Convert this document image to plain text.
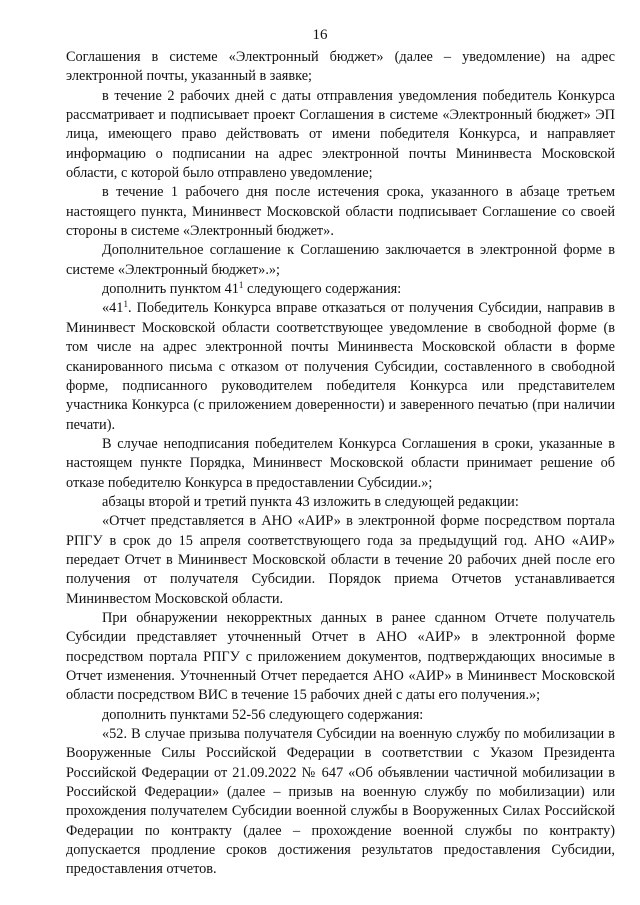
16

Соглашения в системе «Электронный бюджет» (далее – уведомление) на адрес электронной почты, указанный в заявке;

в течение 2 рабочих дней с даты отправления уведомления победитель Конкурса рассматривает и подписывает проект Соглашения в системе «Электронный бюджет» ЭП лица, имеющего право действовать от имени победителя Конкурса, и направляет информацию о подписании на адрес электронной почты Мининвеста Московской области, с которой было отправлено уведомление;

в течение 1 рабочего дня после истечения срока, указанного в абзаце третьем настоящего пункта, Мининвест Московской области подписывает Соглашение со своей стороны в системе «Электронный бюджет».

Дополнительное соглашение к Соглашению заключается в электронной форме в системе «Электронный бюджет».»;

дополнить пунктом $41^1$ следующего содержания:

«$41^1$. Победитель Конкурса вправе отказаться от получения Субсидии, направив в Мининвест Московской области соответствующее уведомление в свободной форме (в том числе на адрес электронной почты Мининвеста Московской области в форме сканированного письма с отказом от получения Субсидии, составленного в свободной форме, подписанного руководителем победителя Конкурса или представителем участника Конкурса (с приложением доверенности) и заверенного печатью (при наличии печати).

В случае неподписания победителем Конкурса Соглашения в сроки, указанные в настоящем пункте Порядка, Мининвест Московской области принимает решение об отказе победителю Конкурса в предоставлении Субсидии.»;

абзацы второй и третий пункта 43 изложить в следующей редакции:

«Отчет представляется в АНО «АИР» в электронной форме посредством портала РПГУ в срок до 15 апреля соответствующего года за предыдущий год. АНО «АИР» передает Отчет в Мининвест Московской области в течение 20 рабочих дней после его получения от получателя Субсидии. Порядок приема Отчетов устанавливается Мининвестом Московской области.

При обнаружении некорректных данных в ранее сданном Отчете получатель Субсидии представляет уточненный Отчет в АНО «АИР» в электронной форме посредством портала РПГУ с приложением документов, подтверждающих вносимые в Отчет изменения. Уточненный Отчет передается АНО «АИР» в Мининвест Московской области посредством ВИС в течение 15 рабочих дней с даты его получения.»;

дополнить пунктами 52-56 следующего содержания:

«52. В случае призыва получателя Субсидии на военную службу по мобилизации в Вооруженные Силы Российской Федерации в соответствии с Указом Президента Российской Федерации от 21.09.2022 № 647 «Об объявлении частичной мобилизации в Российской Федерации» (далее – призыв на военную службу по мобилизации) или прохождения получателем Субсидии военной службы в Вооруженных Силах Российской Федерации по контракту (далее – прохождение военной службы по контракту) допускается продление сроков достижения результатов предоставления Субсидии, предоставления отчетов.
